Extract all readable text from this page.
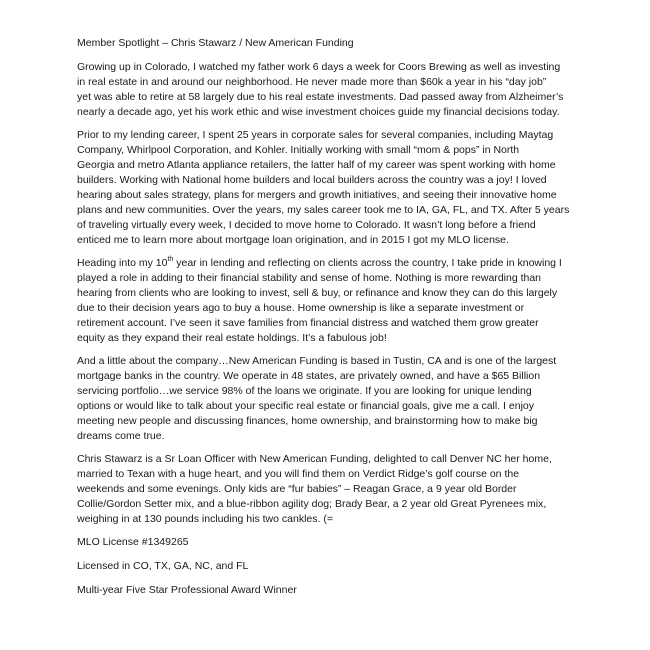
Member Spotlight – Chris Stawarz / New American Funding
Growing up in Colorado, I watched my father work 6 days a week for Coors Brewing as well as investing
in real estate in and around our neighborhood. He never made more than $60k a year in his “day job”
yet was able to retire at 58 largely due to his real estate investments. Dad passed away from Alzheimer’s
nearly a decade ago, yet his work ethic and wise investment choices guide my financial decisions today.
Prior to my lending career, I spent 25 years in corporate sales for several companies, including Maytag
Company, Whirlpool Corporation, and Kohler. Initially working with small “mom & pops” in North
Georgia and metro Atlanta appliance retailers, the latter half of my career was spent working with home
builders. Working with National home builders and local builders across the country was a joy! I loved
hearing about sales strategy, plans for mergers and growth initiatives, and seeing their innovative home
plans and new communities. Over the years, my sales career took me to IA, GA, FL, and TX. After 5 years
of traveling virtually every week, I decided to move home to Colorado. It wasn’t long before a friend
enticed me to learn more about mortgage loan origination, and in 2015 I got my MLO license.
Heading into my 10th year in lending and reflecting on clients across the country, I take pride in knowing I
played a role in adding to their financial stability and sense of home. Nothing is more rewarding than
hearing from clients who are looking to invest, sell & buy, or refinance and know they can do this largely
due to their decision years ago to buy a house. Home ownership is like a separate investment or
retirement account. I’ve seen it save families from financial distress and watched them grow greater
equity as they expand their real estate holdings. It’s a fabulous job!
And a little about the company…New American Funding is based in Tustin, CA and is one of the largest
mortgage banks in the country. We operate in 48 states, are privately owned, and have a $65 Billion
servicing portfolio…we service 98% of the loans we originate. If you are looking for unique lending
options or would like to talk about your specific real estate or financial goals, give me a call. I enjoy
meeting new people and discussing finances, home ownership, and brainstorming how to make big
dreams come true.
Chris Stawarz is a Sr Loan Officer with New American Funding, delighted to call Denver NC her home,
married to Texan with a huge heart, and you will find them on Verdict Ridge’s golf course on the
weekends and some evenings. Only kids are “fur babies” – Reagan Grace, a 9 year old Border
Collie/Gordon Setter mix, and a blue-ribbon agility dog; Brady Bear, a 2 year old Great Pyrenees mix,
weighing in at 130 pounds including his two cankles. (=
MLO License #1349265
Licensed in CO, TX, GA, NC, and FL
Multi-year Five Star Professional Award Winner
